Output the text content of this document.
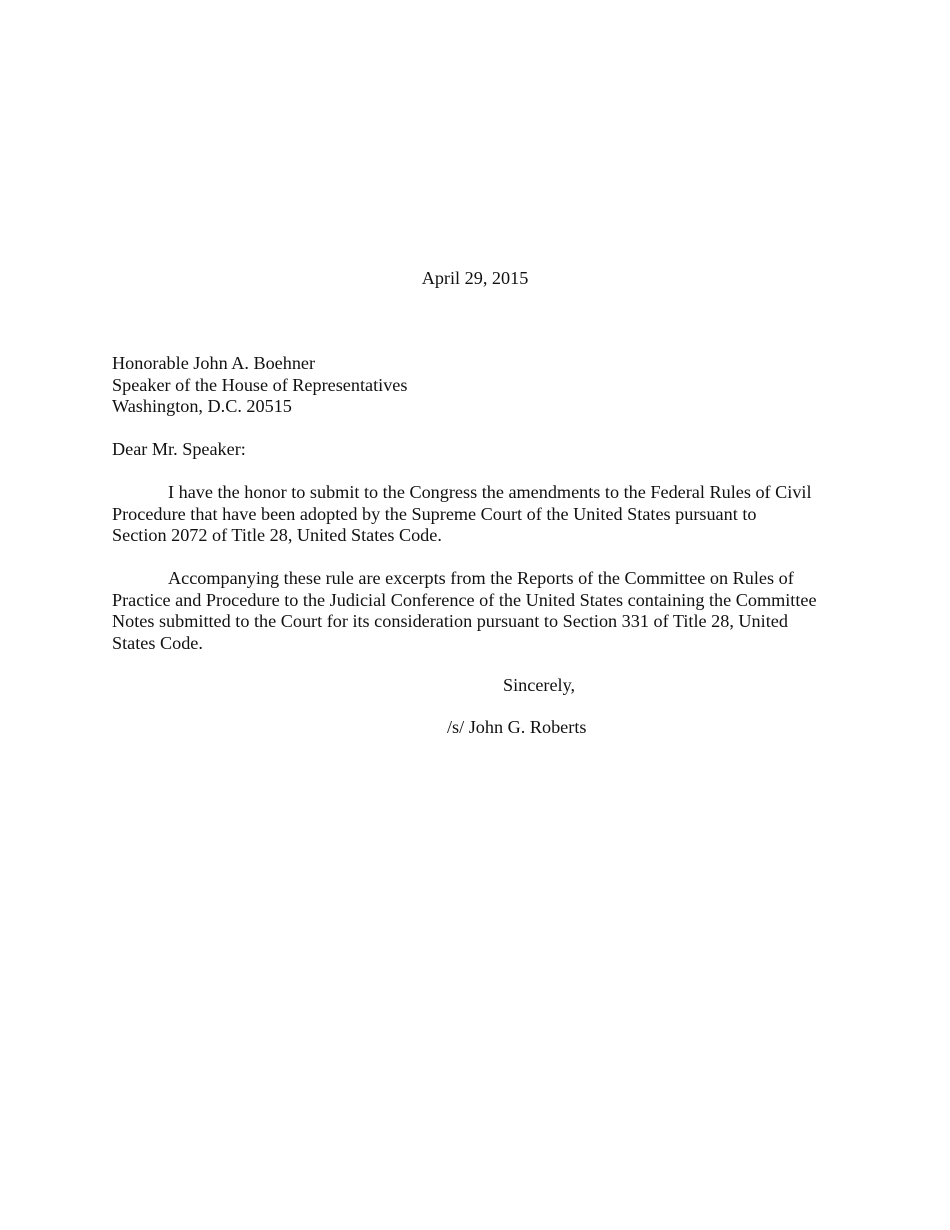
April 29, 2015

Honorable John A. Boehner
Speaker of the House of Representatives
Washington, D.C. 20515

Dear Mr. Speaker:

I have the honor to submit to the Congress the amendments to the Federal Rules of Civil
Procedure that have been adopted by the Supreme Court of the United States pursuant to
Section 2072 of Title 28, United States Code.
Accompanying these rule are excerpts from the Reports of the Committee on Rules of
Practice and Procedure to the Judicial Conference of the United States containing the Committee
Notes submitted to the Court for its consideration pursuant to Section 331 of Title 28, United
States Code.

Sincerely,

/s/ John G. Roberts
